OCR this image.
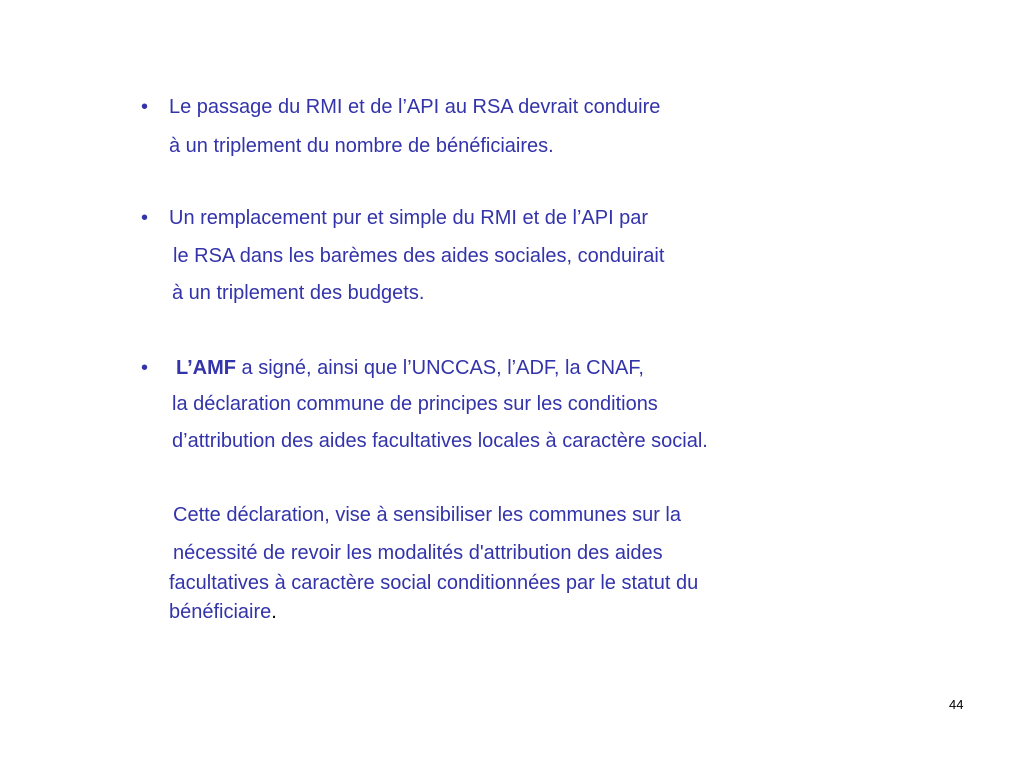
• Le passage du RMI et de l’API au RSA devrait conduire
à un triplement du nombre de bénéficiaires.
• Un remplacement pur et simple du RMI et de l’API par
le RSA dans les barèmes des aides sociales, conduirait
à un triplement des budgets.
• L’AMF a signé, ainsi que l’UNCCAS, l’ADF, la CNAF,
la déclaration commune de principes sur les conditions
d’attribution des aides facultatives locales à caractère social.
Cette déclaration, vise à sensibiliser les communes sur la
nécessité de revoir les modalités d'attribution des aides
facultatives à caractère social conditionnées par le statut du
bénéficiaire.
44
